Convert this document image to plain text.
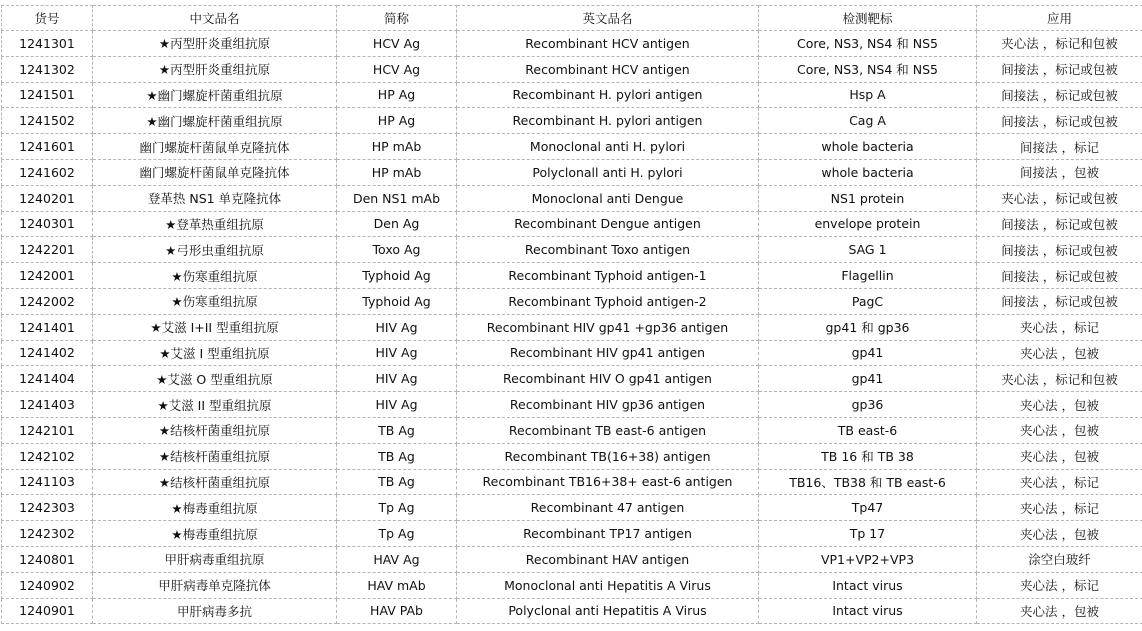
货号	中文品名	简称	英文品名	检测靶标	应用
1241301	★丙型肝炎重组抗原	HCV Ag	Recombinant HCV antigen	Core, NS3, NS4 和 NS5	夹心法 ，标记和包被
1241302	★丙型肝炎重组抗原	HCV Ag	Recombinant HCV antigen	Core, NS3, NS4 和 NS5	间接法 ，标记或包被
1241501	★幽门螺旋杆菌重组抗原	HP Ag	Recombinant H. pylori antigen	Hsp A	间接法 ，标记或包被
1241502	★幽门螺旋杆菌重组抗原	HP Ag	Recombinant H. pylori antigen	Cag A	间接法 ，标记或包被
1241601	幽门螺旋杆菌鼠单克隆抗体	HP mAb	Monoclonal anti H. pylori	whole bacteria	间接法 ，标记
1241602	幽门螺旋杆菌鼠单克隆抗体	HP mAb	Polyclonall anti H. pylori	whole bacteria	间接法 ，包被
1240201	登革热 NS1 单克隆抗体	Den NS1 mAb	Monoclonal anti Dengue	NS1 protein	夹心法 ，标记或包被
1240301	★登革热重组抗原	Den Ag	Recombinant Dengue antigen	envelope protein	间接法 ，标记或包被
1242201	★弓形虫重组抗原	Toxo Ag	Recombinant Toxo antigen	SAG 1	间接法 ，标记或包被
1242001	★伤寒重组抗原	Typhoid Ag	Recombinant Typhoid antigen-1	Flagellin	间接法 ，标记或包被
1242002	★伤寒重组抗原	Typhoid Ag	Recombinant Typhoid antigen-2	PagC	间接法 ，标记或包被
1241401	★艾滋 I+II 型重组抗原	HIV Ag	Recombinant HIV gp41 +gp36 antigen	gp41 和 gp36	夹心法 ，标记
1241402	★艾滋 I 型重组抗原	HIV Ag	Recombinant HIV gp41 antigen	gp41	夹心法 ，包被
1241404	★艾滋 O 型重组抗原	HIV Ag	Recombinant HIV O gp41 antigen	gp41	夹心法 ，标记和包被
1241403	★艾滋 II 型重组抗原	HIV Ag	Recombinant HIV gp36 antigen	gp36	夹心法 ，包被
1242101	★结核杆菌重组抗原	TB Ag	Recombinant TB east-6 antigen	TB east-6	夹心法 ，包被
1242102	★结核杆菌重组抗原	TB Ag	Recombinant TB(16+38) antigen	TB 16 和 TB 38	夹心法 ，包被
1241103	★结核杆菌重组抗原	TB Ag	Recombinant TB16+38+ east-6 antigen	TB16、TB38 和 TB east-6	夹心法 ，标记
1242303	★梅毒重组抗原	Tp Ag	Recombinant 47 antigen	Tp47	夹心法 ，标记
1242302	★梅毒重组抗原	Tp Ag	Recombinant TP17 antigen	Tp 17	夹心法 ，包被
1240801	甲肝病毒重组抗原	HAV Ag	Recombinant HAV antigen	VP1+VP2+VP3	涂空白玻纤
1240902	甲肝病毒单克隆抗体	HAV mAb	Monoclonal anti Hepatitis A Virus	Intact virus	夹心法 ，标记
1240901	甲肝病毒多抗	HAV PAb	Polyclonal anti Hepatitis A Virus	Intact virus	夹心法 ，包被
